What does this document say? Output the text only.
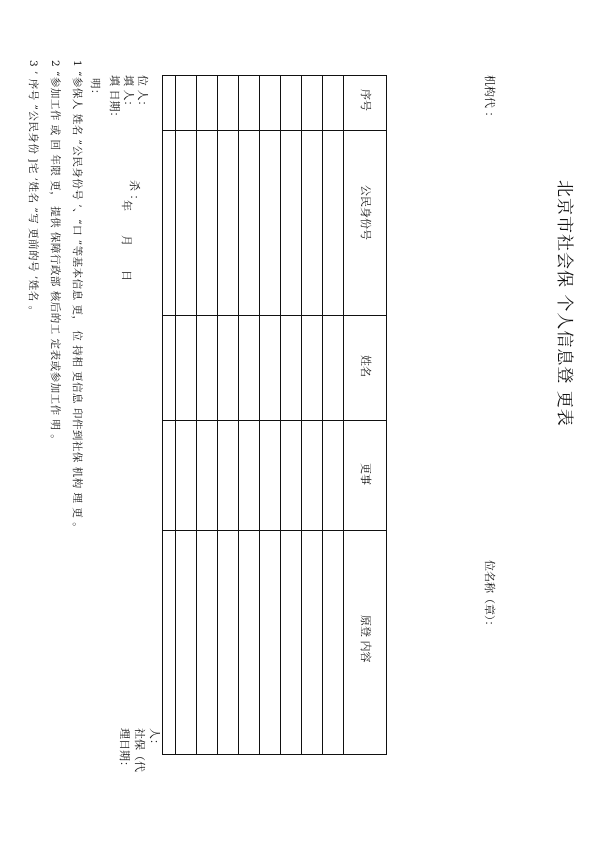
北京市社会保 个人信息登 更表
机构代 ：
位名称（章）：
序号
公民身份号
姓名
更事
原登 内容
位 人：
填 人：
填 日期：
杀 ：
年
月
日
人：
社保（代
理日期：
明：
1 “参保人 姓名 ”公民身份号 ’、“口 ”等基本信息 更， 位 持相 更信息 印件到社保 机构 理 更 。
2 “参加工作 或 回 年限 更， 提供 保障行政部 核后的工 定表或参加工作 明 。
3 ’ 序号 ”公民身份 ]宅 ’姓名 ”写 更前的号 ’姓名 。
